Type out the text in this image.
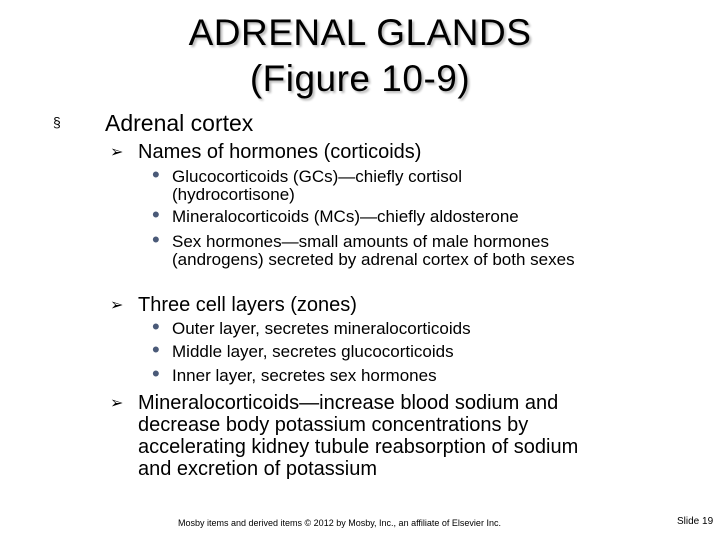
ADRENAL GLANDS
(Figure 10-9)
§ Adrenal cortex
➢ Names of hormones (corticoids)
• Glucocorticoids (GCs)—chiefly cortisol (hydrocortisone)
• Mineralocorticoids (MCs)—chiefly aldosterone
• Sex hormones—small amounts of male hormones (androgens) secreted by adrenal cortex of both sexes
➢ Three cell layers (zones)
• Outer layer, secretes mineralocorticoids
• Middle layer, secretes glucocorticoids
• Inner layer, secretes sex hormones
➢ Mineralocorticoids—increase blood sodium and decrease body potassium concentrations by accelerating kidney tubule reabsorption of sodium and excretion of potassium
Mosby items and derived items © 2012 by Mosby, Inc., an affiliate of Elsevier Inc.	Slide 19
